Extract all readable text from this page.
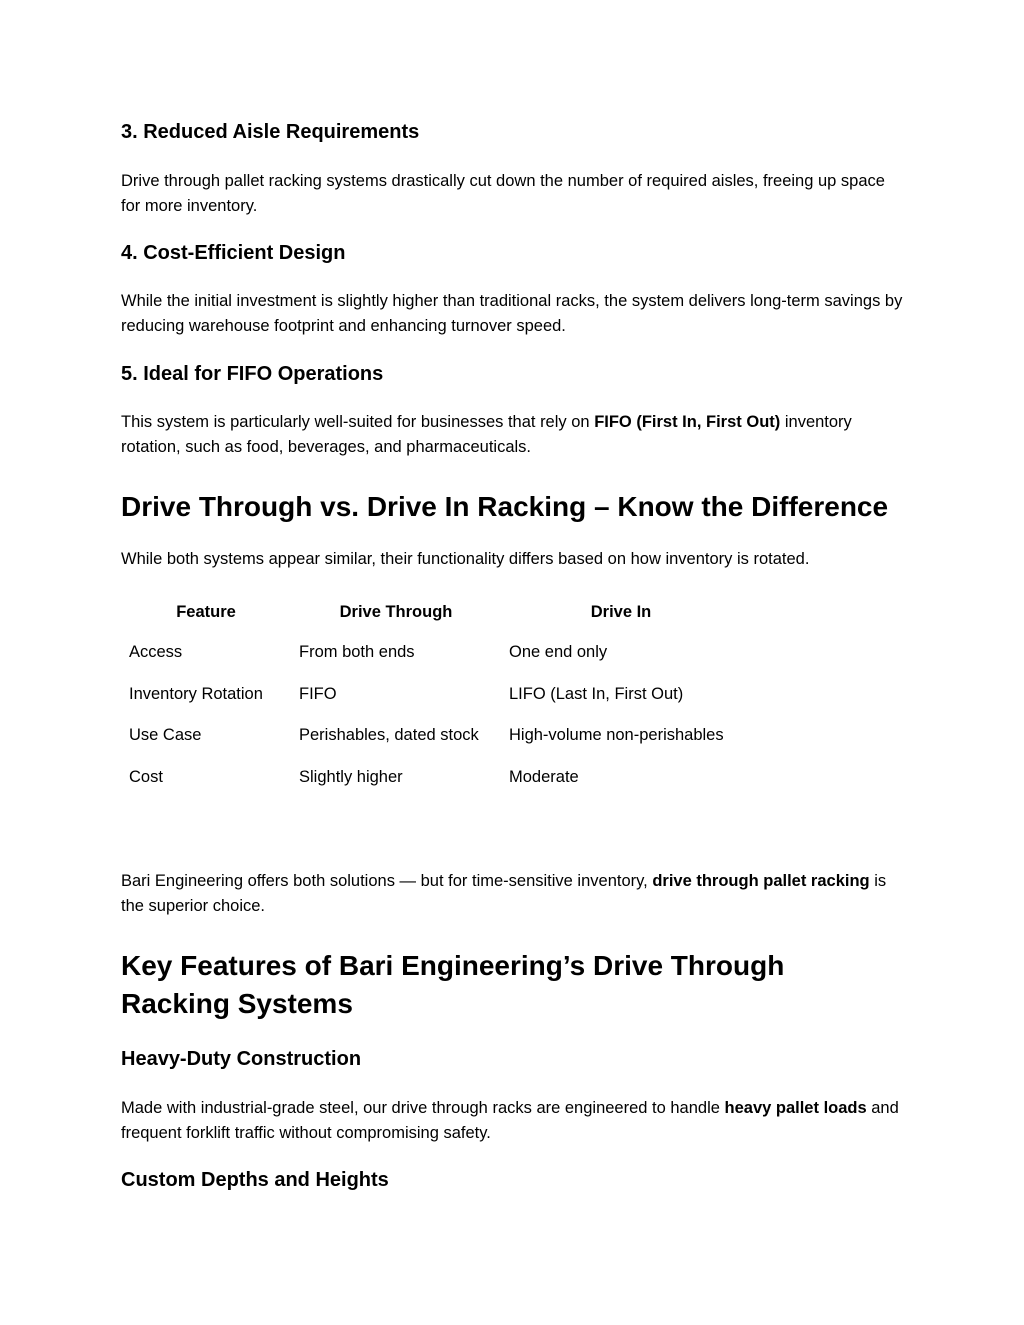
3. Reduced Aisle Requirements

Drive through pallet racking systems drastically cut down the number of required aisles, freeing up space for more inventory.

4. Cost-Efficient Design

While the initial investment is slightly higher than traditional racks, the system delivers long-term savings by reducing warehouse footprint and enhancing turnover speed.

5. Ideal for FIFO Operations

This system is particularly well-suited for businesses that rely on FIFO (First In, First Out) inventory rotation, such as food, beverages, and pharmaceuticals.

Drive Through vs. Drive In Racking – Know the Difference

While both systems appear similar, their functionality differs based on how inventory is rotated.

Feature	Drive Through	Drive In
Access	From both ends	One end only
Inventory Rotation	FIFO	LIFO (Last In, First Out)
Use Case	Perishables, dated stock	High-volume non-perishables
Cost	Slightly higher	Moderate

Bari Engineering offers both solutions — but for time-sensitive inventory, drive through pallet racking is the superior choice.

Key Features of Bari Engineering’s Drive Through Racking Systems
Heavy-Duty Construction

Made with industrial-grade steel, our drive through racks are engineered to handle heavy pallet loads and frequent forklift traffic without compromising safety.

Custom Depths and Heights
